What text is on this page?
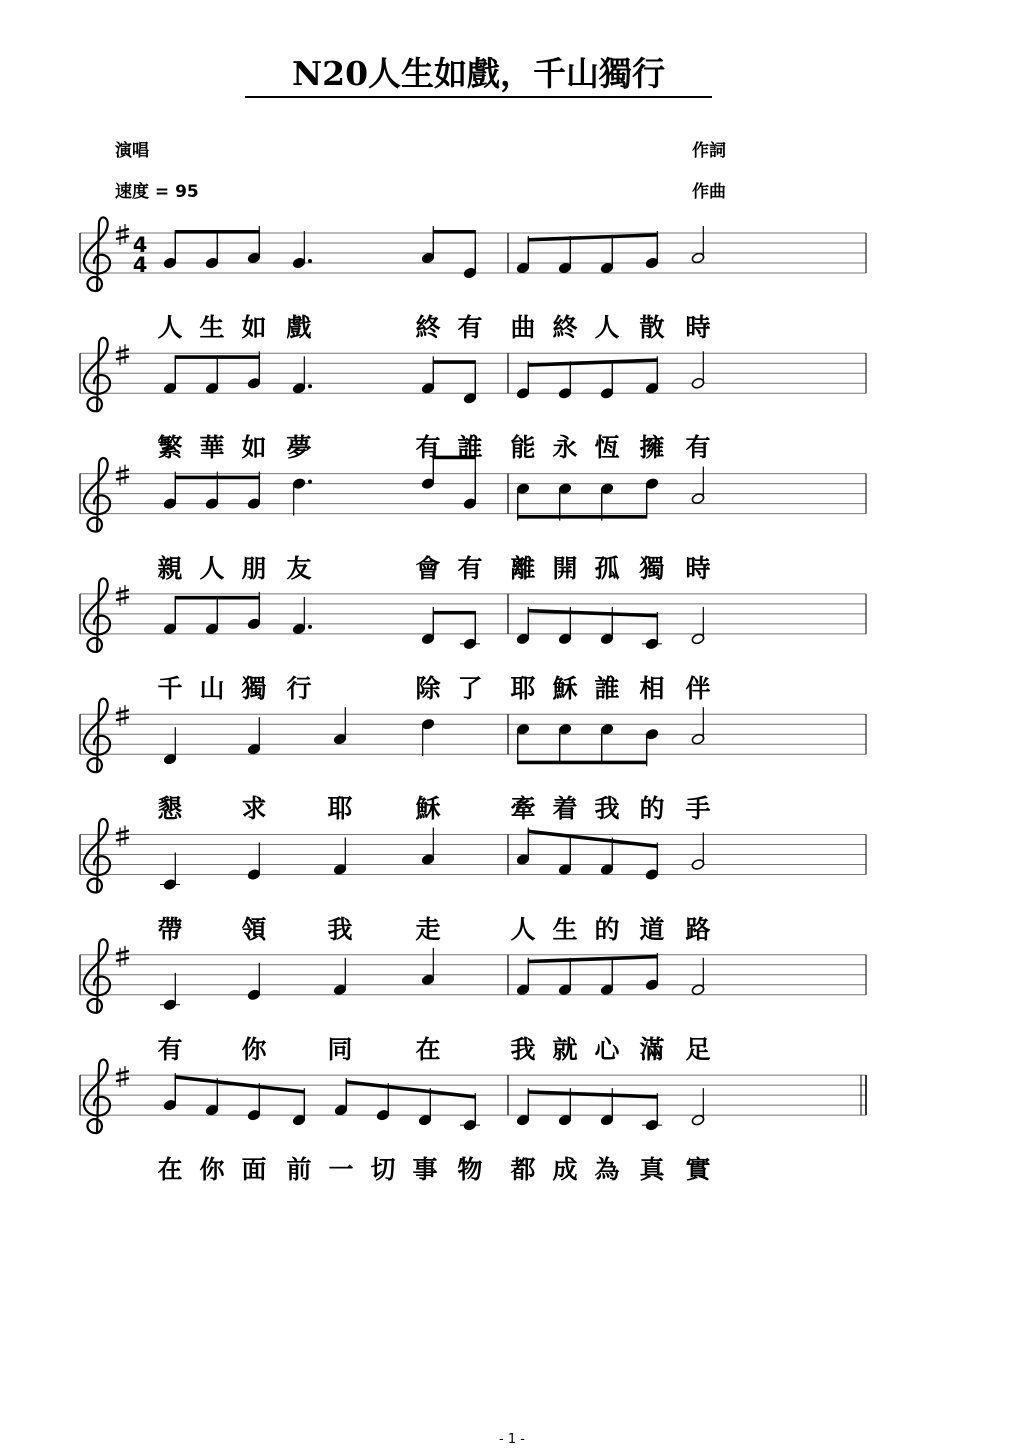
N20人生如戲，千山獨行
演唱
速度 = 95
作詞
作曲
4
4
人 生 如 戲	終 有 曲 終 人 散 時
繁 華 如 夢	有 誰 能 永 恆 擁 有
親 人 朋 友	會 有 離 開 孤 獨 時
千 山 獨 行	除 了 耶 穌 誰 相 伴
懇 求 耶	穌	牽 着 我 的 手
帶 領 我	走	人 生 的 道 路
有 你 同	在	我 就 心 滿 足
在 你 面 前 一 切 事 物 都 成 為 真 實
- 1 -
